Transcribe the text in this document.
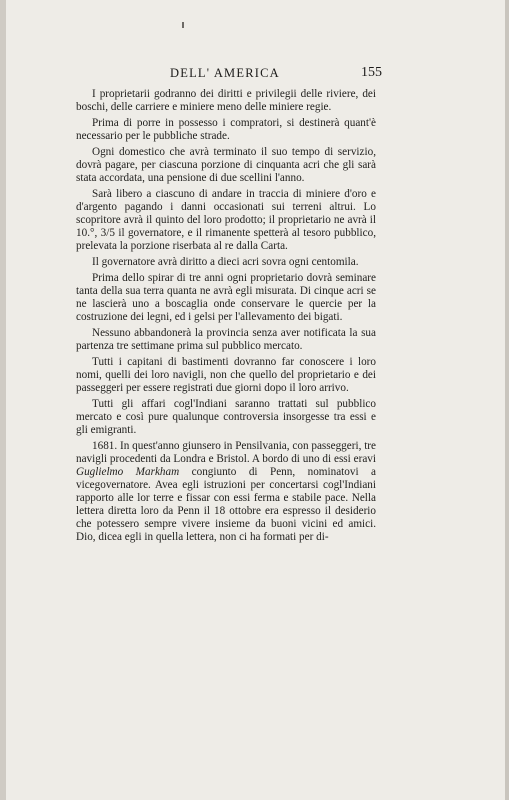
DELL' AMERICA	155

I proprietarii godranno dei diritti e privilegii delle riviere, dei boschi, delle carriere e miniere meno delle miniere regie.

Prima di porre in possesso i compratori, si destinerà quant'è necessario per le pubbliche strade.

Ogni domestico che avrà terminato il suo tempo di servizio, dovrà pagare, per ciascuna porzione di cinquanta acri che gli sarà stata accordata, una pensione di due scellini l'anno.

Sarà libero a ciascuno di andare in traccia di miniere d'oro e d'argento pagando i danni occasionati sui terreni altrui. Lo scopritore avrà il quinto del loro prodotto; il proprietario ne avrà il 10.°, 3/5 il governatore, e il rimanente spetterà al tesoro pubblico, prelevata la porzione riserbata al re dalla Carta.

Il governatore avrà diritto a dieci acri sovra ogni centomila.

Prima dello spirar di tre anni ogni proprietario dovrà seminare tanta della sua terra quanta ne avrà egli misurata. Di cinque acri se ne lascierà uno a boscaglia onde conservare le quercie per la costruzione dei legni, ed i gelsi per l'allevamento dei bigati.

Nessuno abbandonerà la provincia senza aver notificata la sua partenza tre settimane prima sul pubblico mercato.

Tutti i capitani di bastimenti dovranno far conoscere i loro nomi, quelli dei loro navigli, non che quello del proprietario e dei passeggeri per essere registrati due giorni dopo il loro arrivo.

Tutti gli affari cogl'Indiani saranno trattati sul pubblico mercato e così pure qualunque controversia insorgesse tra essi e gli emigranti.

1681. In quest'anno giunsero in Pensilvania, con passeggeri, tre navigli procedenti da Londra e Bristol. A bordo di uno di essi eravi Guglielmo Markham congiunto di Penn, nominatovi a vicegovernatore. Avea egli istruzioni per concertarsi cogl'Indiani rapporto alle lor terre e fissar con essi ferma e stabile pace. Nella lettera diretta loro da Penn il 18 ottobre era espresso il desiderio che potessero sempre vivere insieme da buoni vicini ed amici. Dio, dicea egli in quella lettera, non ci ha formati per di-
